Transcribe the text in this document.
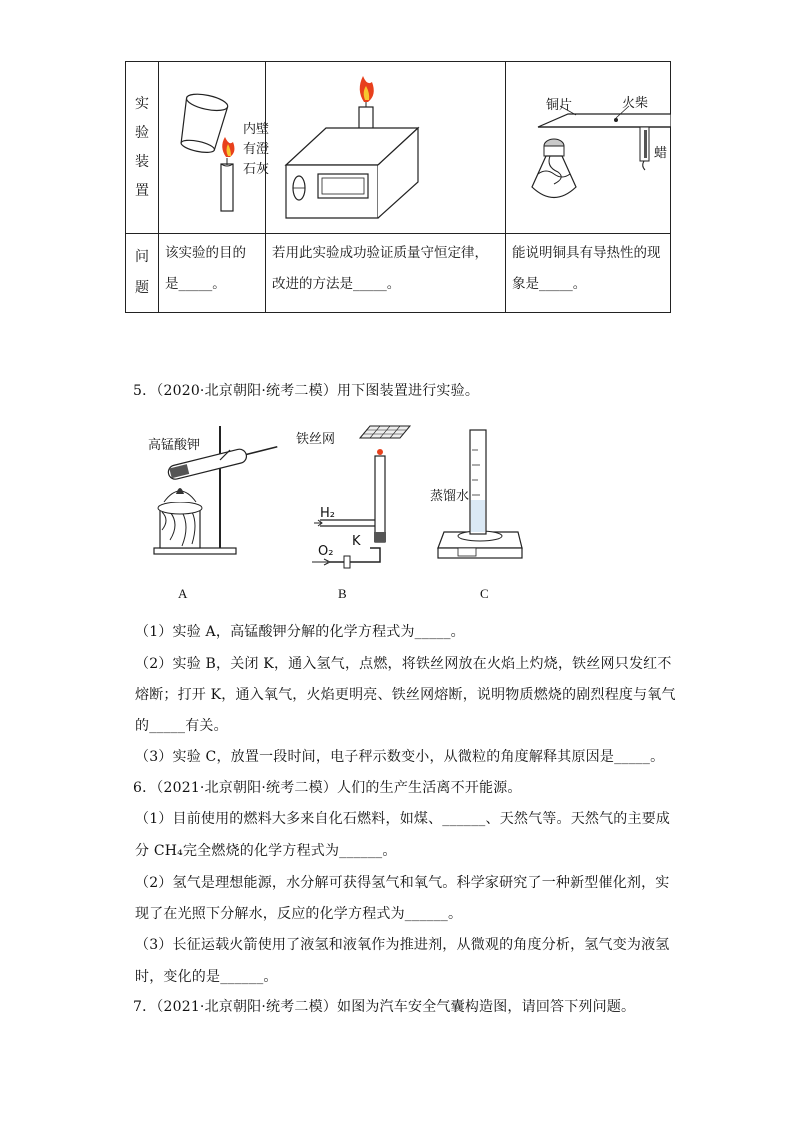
实验装置	内壁
有澄
石灰		铜片 火柴
蜡

问题	该实验的目的是_____。	若用此实验成功验证质量守恒定律，改进的方法是_____。	能说明铜具有导热性的现象是_____。
5．（2020·北京朝阳·统考二模）用下图装置进行实验。
高锰酸钾	铁丝网
H₂
O₂
K
蒸馏水
A	B	C
（1）实验 A，高锰酸钾分解的化学方程式为_____。
（2）实验 B，关闭 K，通入氢气，点燃，将铁丝网放在火焰上灼烧，铁丝网只发红不
熔断；打开 K，通入氧气，火焰更明亮、铁丝网熔断，说明物质燃烧的剧烈程度与氧气
的_____有关。
（3）实验 C，放置一段时间，电子秤示数变小，从微粒的角度解释其原因是_____。
6．（2021·北京朝阳·统考二模）人们的生产生活离不开能源。
（1）目前使用的燃料大多来自化石燃料，如煤、______、天然气等。天然气的主要成
分 CH₄完全燃烧的化学方程式为______。
（2）氢气是理想能源，水分解可获得氢气和氧气。科学家研究了一种新型催化剂，实
现了在光照下分解水，反应的化学方程式为______。
（3）长征运载火箭使用了液氢和液氧作为推进剂，从微观的角度分析，氢气变为液氢
时，变化的是______。
7．（2021·北京朝阳·统考二模）如图为汽车安全气囊构造图，请回答下列问题。
